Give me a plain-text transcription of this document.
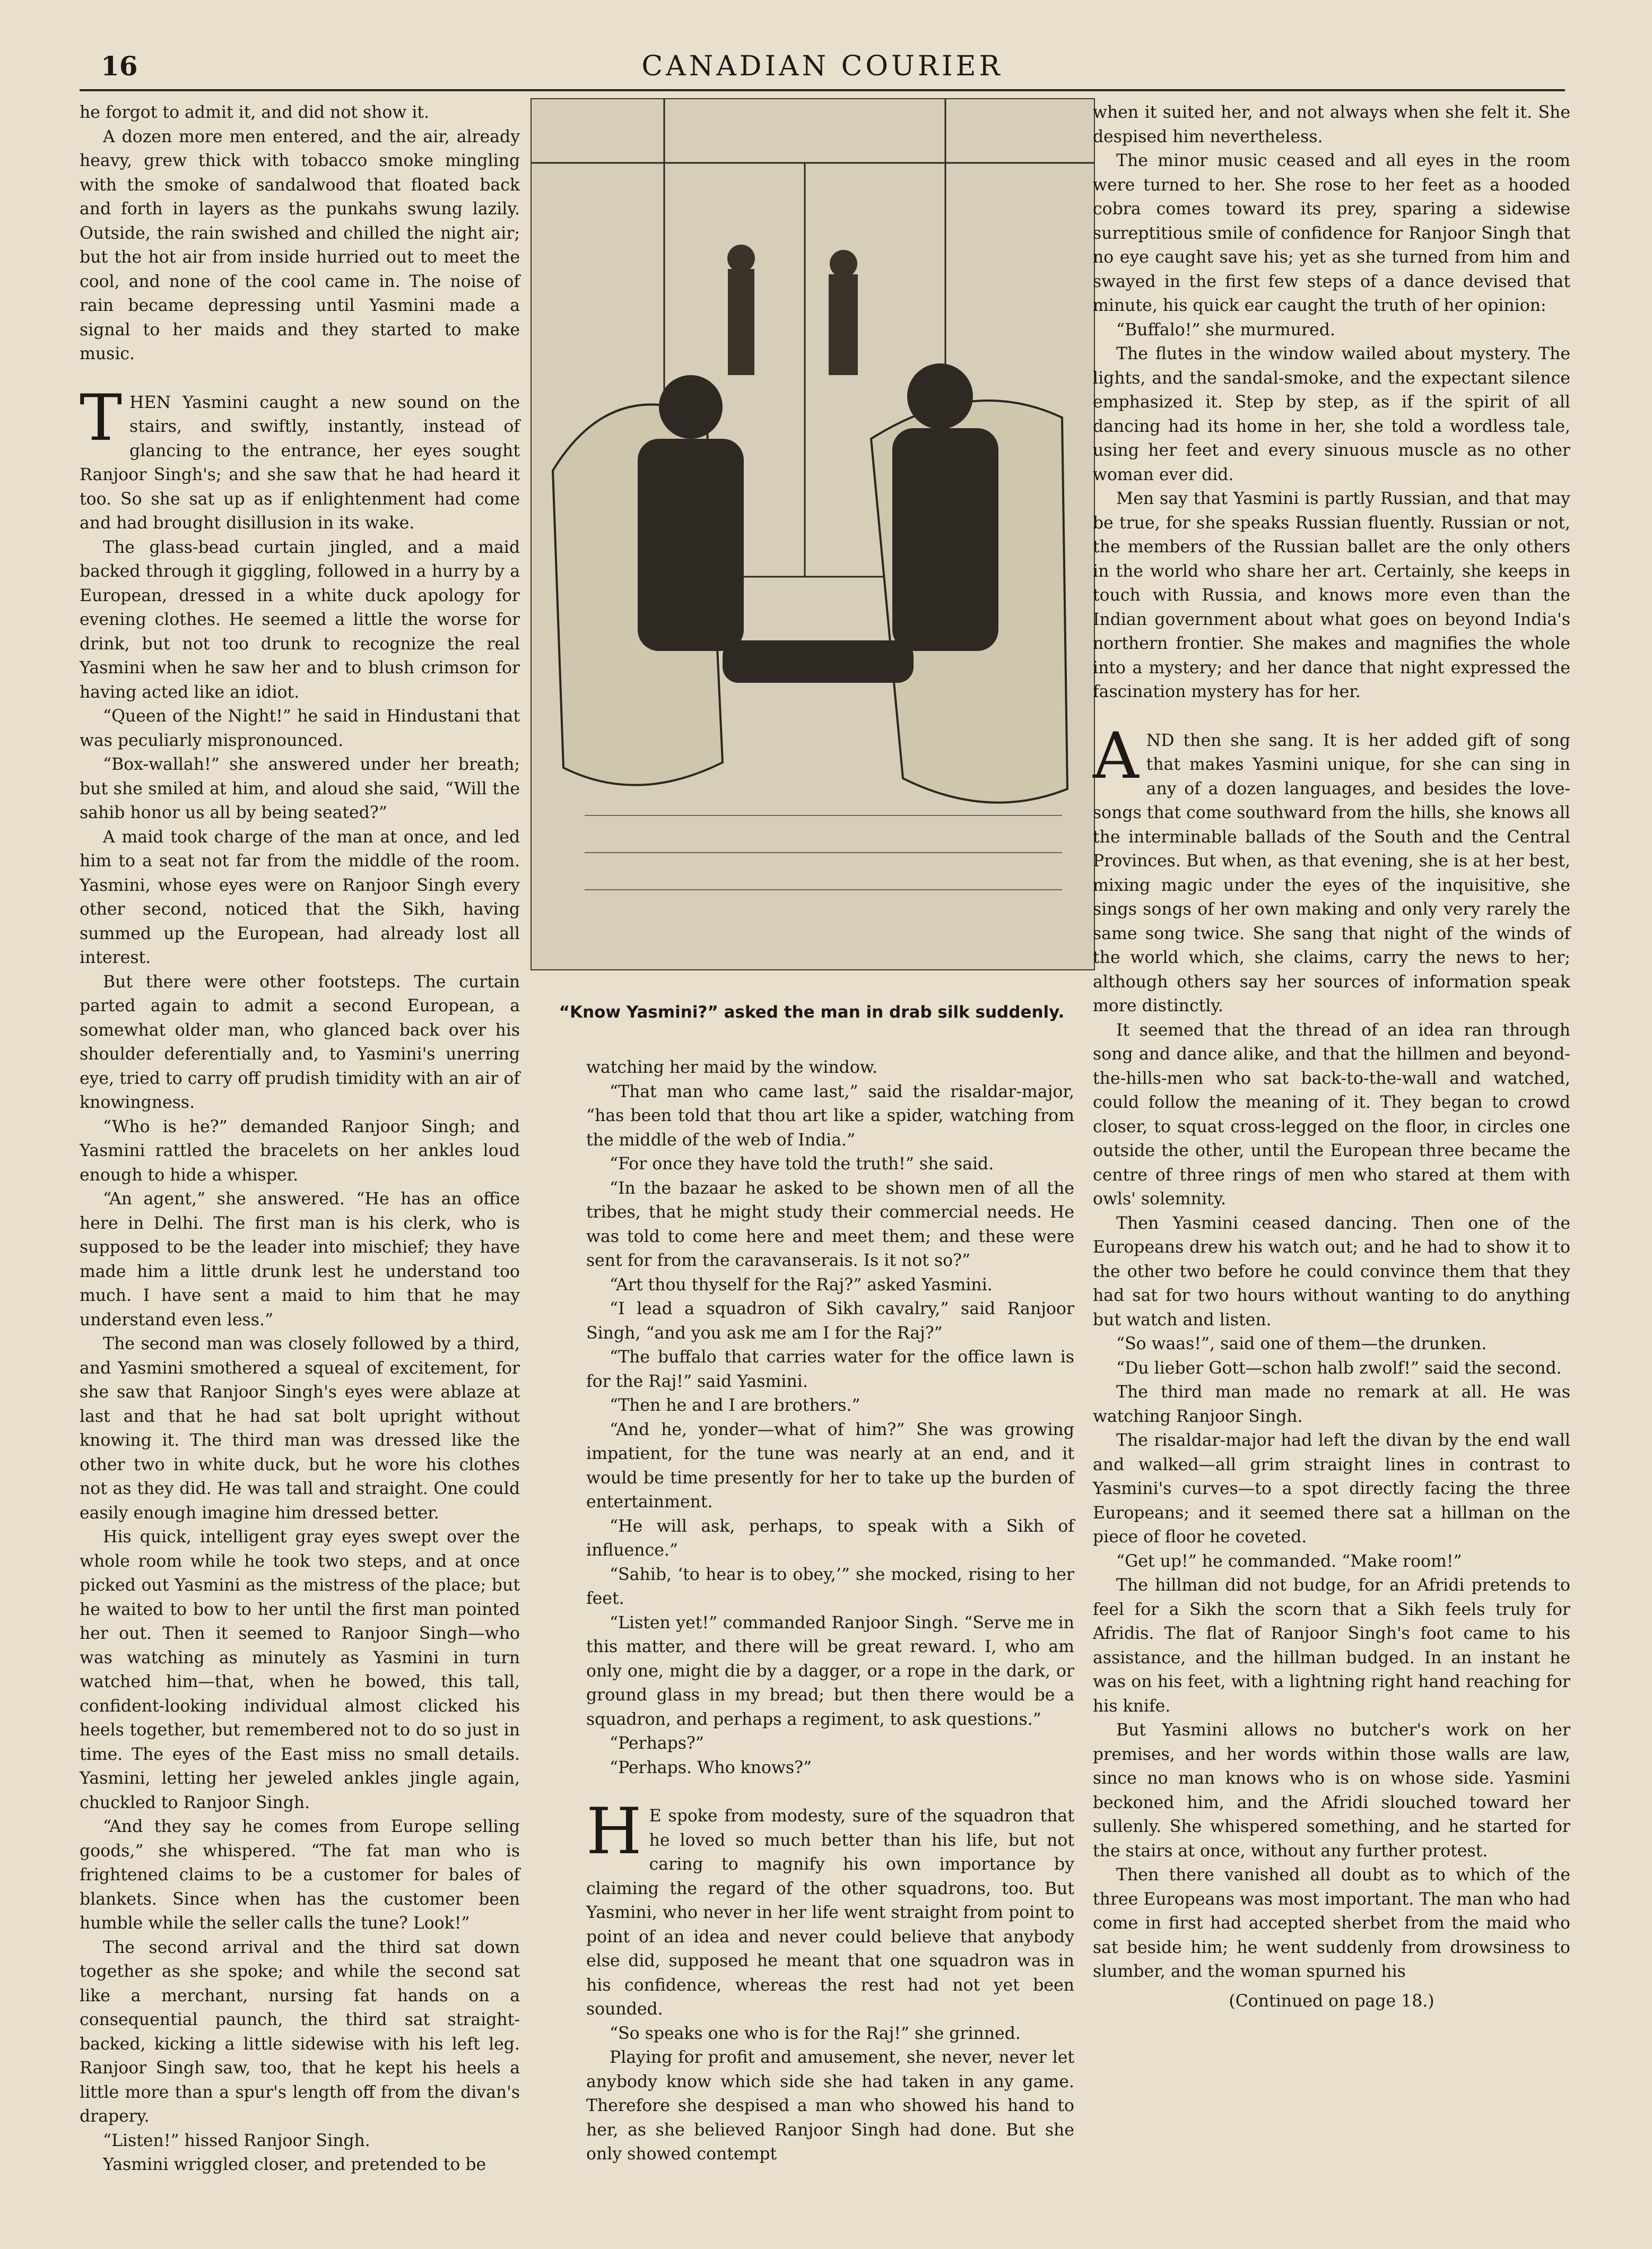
16	CANADIAN COURIER

he forgot to admit it, and did not show it.

A dozen more men entered, and the air, already heavy, grew thick with tobacco smoke mingling with the smoke of sandalwood that floated back and forth in layers as the punkahs swung lazily. Outside, the rain swished and chilled the night air; but the hot air from inside hurried out to meet the cool, and none of the cool came in. The noise of rain became depressing until Yasmini made a signal to her maids and they started to make music.

THEN Yasmini caught a new sound on the stairs, and swiftly, instantly, instead of glancing to the entrance, her eyes sought Ranjoor Singh's; and she saw that he had heard it too. So she sat up as if enlightenment had come and had brought disillusion in its wake.

The glass-bead curtain jingled, and a maid backed through it giggling, followed in a hurry by a European, dressed in a white duck apology for evening clothes. He seemed a little the worse for drink, but not too drunk to recognize the real Yasmini when he saw her and to blush crimson for having acted like an idiot.

“Queen of the Night!” he said in Hindustani that was peculiarly mispronounced.

“Box-wallah!” she answered under her breath; but she smiled at him, and aloud she said, “Will the sahib honor us all by being seated?”

A maid took charge of the man at once, and led him to a seat not far from the middle of the room. Yasmini, whose eyes were on Ranjoor Singh every other second, noticed that the Sikh, having summed up the European, had already lost all interest.

But there were other footsteps. The curtain parted again to admit a second European, a somewhat older man, who glanced back over his shoulder deferentially and, to Yasmini's unerring eye, tried to carry off prudish timidity with an air of knowingness.

“Who is he?” demanded Ranjoor Singh; and Yasmini rattled the bracelets on her ankles loud enough to hide a whisper.

“An agent,” she answered. “He has an office here in Delhi. The first man is his clerk, who is supposed to be the leader into mischief; they have made him a little drunk lest he understand too much. I have sent a maid to him that he may understand even less.”

The second man was closely followed by a third, and Yasmini smothered a squeal of excitement, for she saw that Ranjoor Singh's eyes were ablaze at last and that he had sat bolt upright without knowing it. The third man was dressed like the other two in white duck, but he wore his clothes not as they did. He was tall and straight. One could easily enough imagine him dressed better.

His quick, intelligent gray eyes swept over the whole room while he took two steps, and at once picked out Yasmini as the mistress of the place; but he waited to bow to her until the first man pointed her out. Then it seemed to Ranjoor Singh—who was watching as minutely as Yasmini in turn watched him—that, when he bowed, this tall, confident-looking individual almost clicked his heels together, but remembered not to do so just in time. The eyes of the East miss no small details. Yasmini, letting her jeweled ankles jingle again, chuckled to Ranjoor Singh.

“And they say he comes from Europe selling goods,” she whispered. “The fat man who is frightened claims to be a customer for bales of blankets. Since when has the customer been humble while the seller calls the tune? Look!”

The second arrival and the third sat down together as she spoke; and while the second sat like a merchant, nursing fat hands on a consequential paunch, the third sat straight-backed, kicking a little sidewise with his left leg. Ranjoor Singh saw, too, that he kept his heels a little more than a spur's length off from the divan's drapery.

“Listen!” hissed Ranjoor Singh.

Yasmini wriggled closer, and pretended to be

“Know Yasmini?” asked the man in drab silk suddenly.

watching her maid by the window.

“That man who came last,” said the risaldar-major, “has been told that thou art like a spider, watching from the middle of the web of India.”

“For once they have told the truth!” she said.

“In the bazaar he asked to be shown men of all the tribes, that he might study their commercial needs. He was told to come here and meet them; and these were sent for from the caravanserais. Is it not so?”

“Art thou thyself for the Raj?” asked Yasmini.

“I lead a squadron of Sikh cavalry,” said Ranjoor Singh, “and you ask me am I for the Raj?”

“The buffalo that carries water for the office lawn is for the Raj!” said Yasmini.

“Then he and I are brothers.”

“And he, yonder—what of him?” She was growing impatient, for the tune was nearly at an end, and it would be time presently for her to take up the burden of entertainment.

“He will ask, perhaps, to speak with a Sikh of influence.”

“Sahib, ‘to hear is to obey,’” she mocked, rising to her feet.

“Listen yet!” commanded Ranjoor Singh. “Serve me in this matter, and there will be great reward. I, who am only one, might die by a dagger, or a rope in the dark, or ground glass in my bread; but then there would be a squadron, and perhaps a regiment, to ask questions.”

“Perhaps?”

“Perhaps. Who knows?”

H E spoke from modesty, sure of the squadron that he loved so much better than his life, but not caring to magnify his own importance by claiming the regard of the other squadrons, too. But Yasmini, who never in her life went straight from point to point of an idea and never could believe that anybody else did, supposed he meant that one squadron was in his confidence, whereas the rest had not yet been sounded.

“So speaks one who is for the Raj!” she grinned.

Playing for profit and amusement, she never, never let anybody know which side she had taken in any game. Therefore she despised a man who showed his hand to her, as she believed Ranjoor Singh had done. But she only showed contempt

when it suited her, and not always when she felt it. She despised him nevertheless.

The minor music ceased and all eyes in the room were turned to her. She rose to her feet as a hooded cobra comes toward its prey, sparing a sidewise surreptitious smile of confidence for Ranjoor Singh that no eye caught save his; yet as she turned from him and swayed in the first few steps of a dance devised that minute, his quick ear caught the truth of her opinion:

“Buffalo!” she murmured.

The flutes in the window wailed about mystery. The lights, and the sandal-smoke, and the expectant silence emphasized it. Step by step, as if the spirit of all dancing had its home in her, she told a wordless tale, using her feet and every sinuous muscle as no other woman ever did.

Men say that Yasmini is partly Russian, and that may be true, for she speaks Russian fluently. Russian or not, the members of the Russian ballet are the only others in the world who share her art. Certainly, she keeps in touch with Russia, and knows more even than the Indian government about what goes on beyond India's northern frontier. She makes and magnifies the whole into a mystery; and her dance that night expressed the fascination mystery has for her.

AND then she sang. It is her added gift of song that makes Yasmini unique, for she can sing in any of a dozen languages, and besides the love-songs that come southward from the hills, she knows all the interminable ballads of the South and the Central Provinces. But when, as that evening, she is at her best, mixing magic under the eyes of the inquisitive, she sings songs of her own making and only very rarely the same song twice. She sang that night of the winds of the world which, she claims, carry the news to her; although others say her sources of information speak more distinctly.

It seemed that the thread of an idea ran through song and dance alike, and that the hillmen and beyond-the-hills-men who sat back-to-the-wall and watched, could follow the meaning of it. They began to crowd closer, to squat cross-legged on the floor, in circles one outside the other, until the European three became the centre of three rings of men who stared at them with owls' solemnity.

Then Yasmini ceased dancing. Then one of the Europeans drew his watch out; and he had to show it to the other two before he could convince them that they had sat for two hours without wanting to do anything but watch and listen.

“So waas!”, said one of them—the drunken.

“Du lieber Gott—schon halb zwolf!” said the second.

The third man made no remark at all. He was watching Ranjoor Singh.

The risaldar-major had left the divan by the end wall and walked—all grim straight lines in contrast to Yasmini's curves—to a spot directly facing the three Europeans; and it seemed there sat a hillman on the piece of floor he coveted.

“Get up!” he commanded. “Make room!”

The hillman did not budge, for an Afridi pretends to feel for a Sikh the scorn that a Sikh feels truly for Afridis. The flat of Ranjoor Singh's foot came to his assistance, and the hillman budged. In an instant he was on his feet, with a lightning right hand reaching for his knife.

But Yasmini allows no butcher's work on her premises, and her words within those walls are law, since no man knows who is on whose side. Yasmini beckoned him, and the Afridi slouched toward her sullenly. She whispered something, and he started for the stairs at once, without any further protest.

Then there vanished all doubt as to which of the three Europeans was most important. The man who had come in first had accepted sherbet from the maid who sat beside him; he went suddenly from drowsiness to slumber, and the woman spurned his

(Continued on page 18.)
